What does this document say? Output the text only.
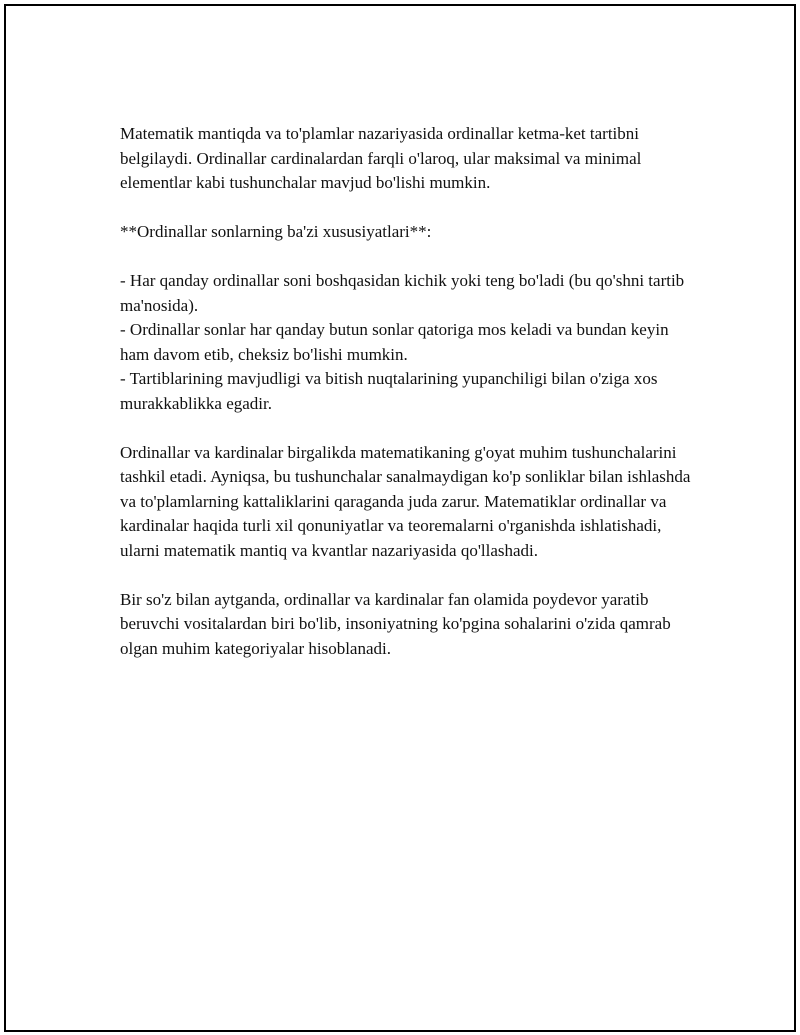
Matematik mantiqda va to'plamlar nazariyasida ordinallar ketma-ket tartibni belgilaydi. Ordinallar cardinalardan farqli o'laroq, ular maksimal va minimal elementlar kabi tushunchalar mavjud bo'lishi mumkin.

**Ordinallar sonlarning ba'zi xususiyatlari**:

- Har qanday ordinallar soni boshqasidan kichik yoki teng bo'ladi (bu qo'shni tartib ma'nosida).

- Ordinallar sonlar har qanday butun sonlar qatoriga mos keladi va bundan keyin ham davom etib, cheksiz bo'lishi mumkin.

- Tartiblarining mavjudligi va bitish nuqtalarining yupanchiligi bilan o'ziga xos murakkablikka egadir.

Ordinallar va kardinalar birgalikda matematikaning g'oyat muhim tushunchalarini tashkil etadi. Ayniqsa, bu tushunchalar sanalmaydigan ko'p sonliklar bilan ishlashda va to'plamlarning kattaliklarini qaraganda juda zarur. Matematiklar ordinallar va kardinalar haqida turli xil qonuniyatlar va teoremalarni o'rganishda ishlatishadi, ularni matematik mantiq va kvantlar nazariyasida qo'llashadi.

Bir so'z bilan aytganda, ordinallar va kardinalar fan olamida poydevor yaratib beruvchi vositalardan biri bo'lib, insoniyatning ko'pgina sohalarini o'zida qamrab olgan muhim kategoriyalar hisoblanadi.
